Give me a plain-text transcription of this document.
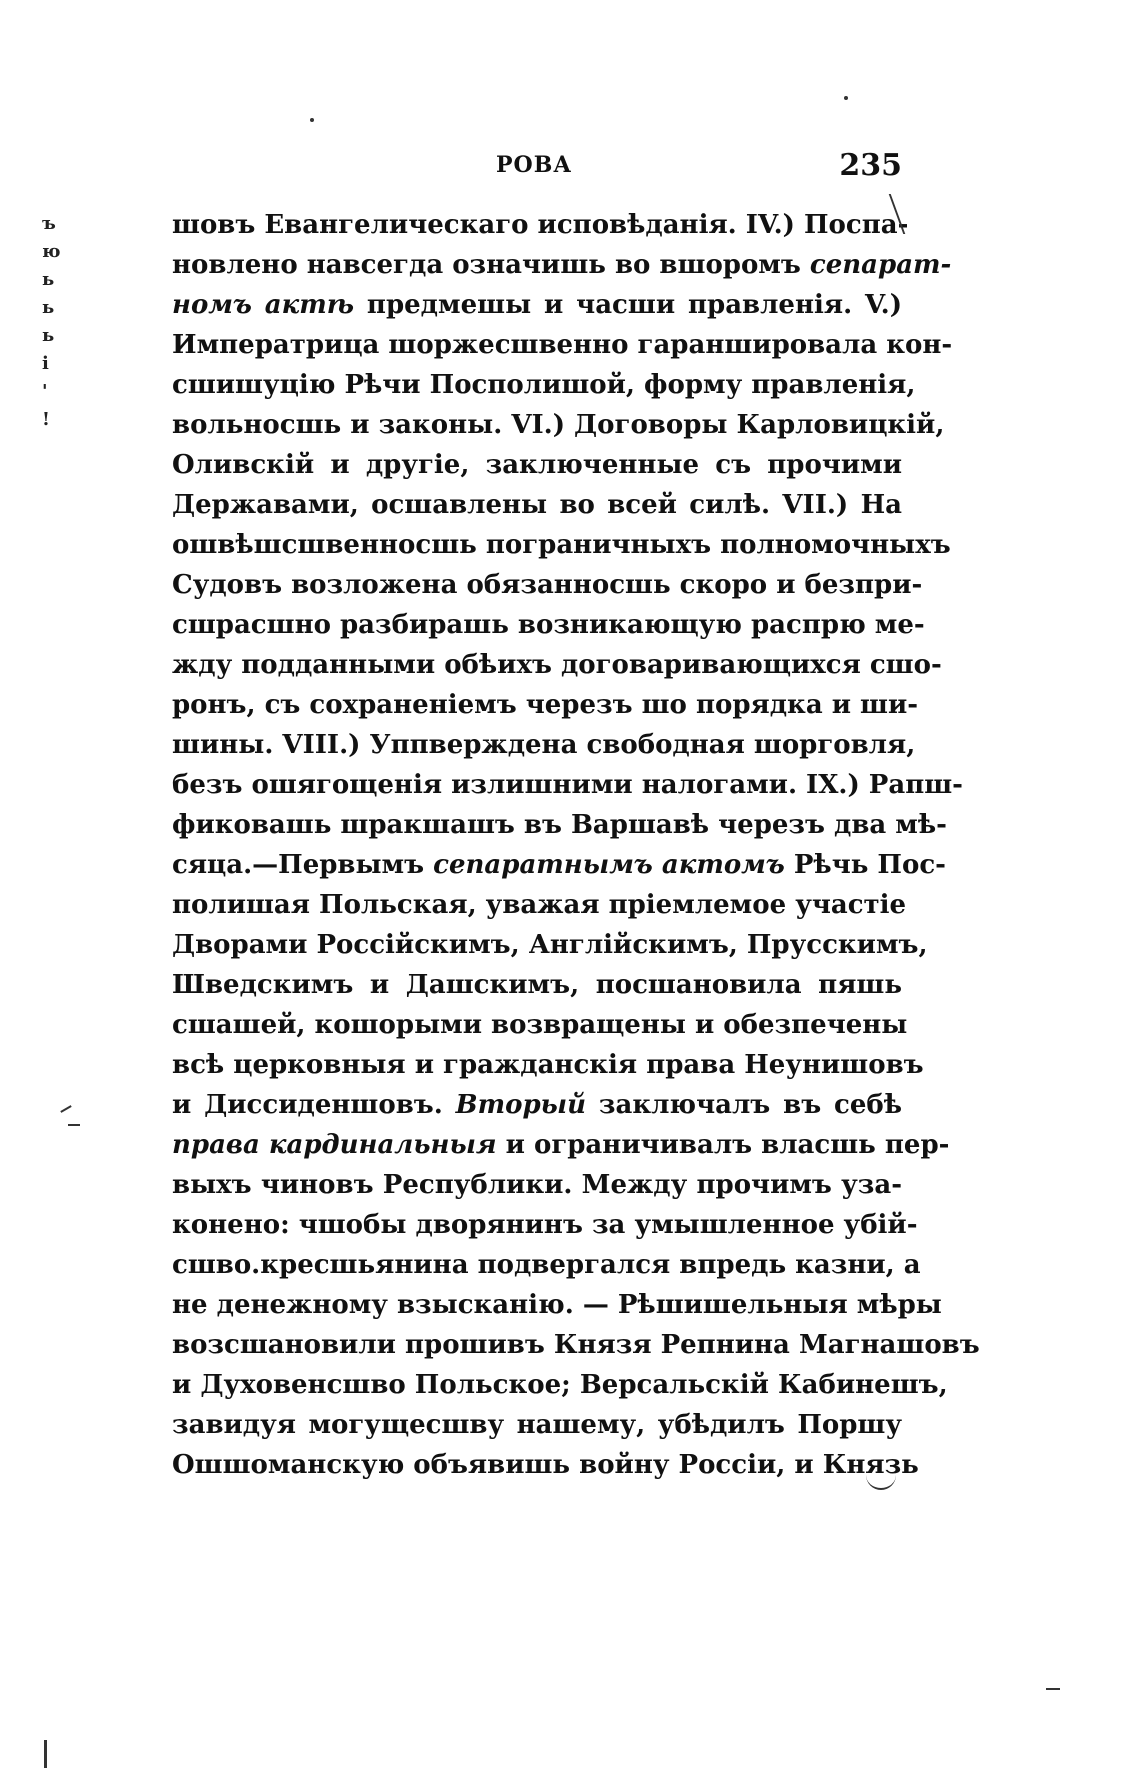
РОВА	235
ъ
ю
ь
ь
ь
і
'
!
шовъ Евангелическаго исповѣданія. IV.) Поспа-
новлено навсегда означишь во вшоромъ сепарат-
номъ актѣ предмешы и часши правленія. V.)
Императрица шоржесшвенно гараншировала кон-
сшишуцію Рѣчи Посполишой, форму правленія,
вольносшь и законы. VI.) Договоры Карловицкій,
Оливскій и другіе, заключенные съ прочими
Державами, осшавлены во всей силѣ. VII.) На
ошвѣшсшвенносшь пограничныхъ полномочныхъ
Судовъ возложена обязанносшь скоро и безпри-
сшрасшно разбирашь возникающую распрю ме-
жду подданными обѣихъ договаривающихся сшо-
ронъ, съ сохраненіемъ черезъ шо порядка и ши-
шины. VIII.) Уппверждена свободная шорговля,
безъ ошягощенія излишними налогами. IX.) Рапш-
фиковашь шракшашъ въ Варшавѣ черезъ два мѣ-
сяца.—Первымъ сепаратнымъ актомъ Рѣчь Пос-
полишая Польская, уважая пріемлемое участіе
Дворами Россійскимъ, Англійскимъ, Прусскимъ,
Шведскимъ и Дашскимъ, посшановила пяшь
сшашей, кошорыми возвращены и обезпечены
всѣ церковныя и гражданскія права Неунишовъ
и Диссиденшовъ. Вторый заключалъ въ себѣ
права кардинальныя и ограничивалъ власшь пер-
выхъ чиновъ Республики. Между прочимъ уза-
конено: чшобы дворянинъ за умышленное убій-
сшво.кресшьянина подвергался впредь казни, а
не денежному взысканію. — Рѣшишельныя мѣры
возсшановили прошивъ Князя Репнина Магнашовъ
и Духовенсшво Польское; Версальскій Кабинешъ,
завидуя могущесшву нашему, убѣдилъ Поршу
Ошшоманскую объявишь войну Россіи, и Князь
